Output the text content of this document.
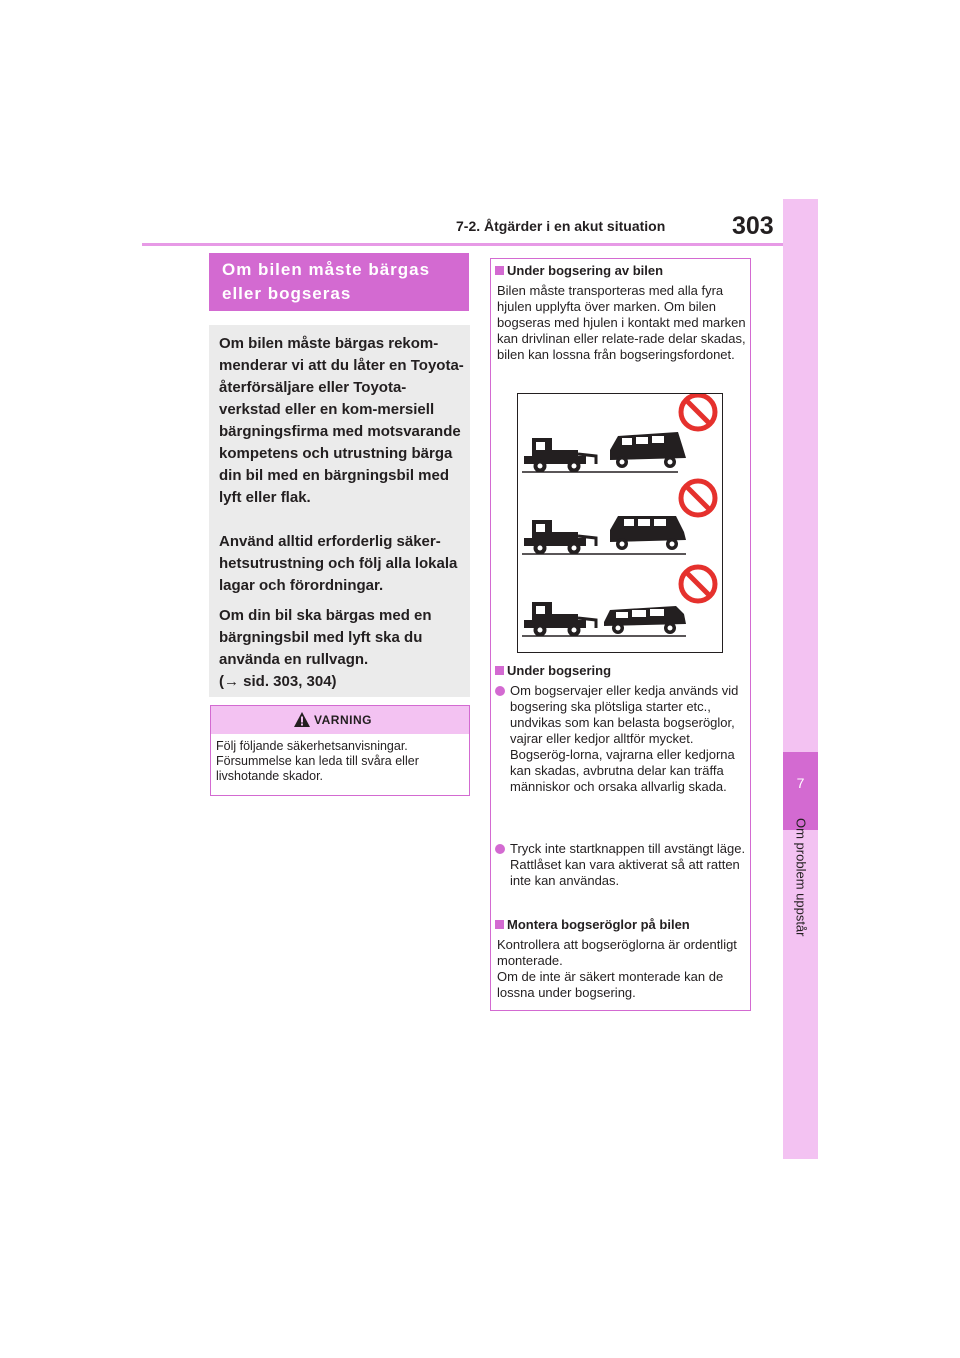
7-2. Åtgärder i en akut situation	303
7
Om problem uppstår
Om bilen måste bärgas eller bogseras
Om bilen måste bärgas rekom-menderar vi att du låter en Toyota-återförsäljare eller Toyota-verkstad eller en kom-mersiell bärgningsfirma med motsvarande kompetens och utrustning bärga din bil med en bärgningsbil med lyft eller flak.
Använd alltid erforderlig säker-hetsutrustning och följ alla lokala lagar och förordningar.
Om din bil ska bärgas med en bärgningsbil med lyft ska du använda en rullvagn.
(→ sid. 303, 304)
VARNING
Följ följande säkerhetsanvisningar. Försummelse kan leda till svåra eller livshotande skador.
Under bogsering av bilen
Bilen måste transporteras med alla fyra hjulen upplyfta över marken. Om bilen bogseras med hjulen i kontakt med marken kan drivlinan eller relate-rade delar skadas, bilen kan lossna från bogseringsfordonet.
Under bogsering
Om bogservajer eller kedja används vid bogsering ska plötsliga starter etc., undvikas som kan belasta bogseröglor, vajrar eller kedjor alltför mycket. Bogserög-lorna, vajrarna eller kedjorna kan skadas, avbrutna delar kan träffa människor och orsaka allvarlig skada.
Tryck inte startknappen till avstängt läge.
Rattlåset kan vara aktiverat så att ratten inte kan användas.
Montera bogseröglor på bilen
Kontrollera att bogseröglorna är ordentligt monterade.
Om de inte är säkert monterade kan de lossna under bogsering.
